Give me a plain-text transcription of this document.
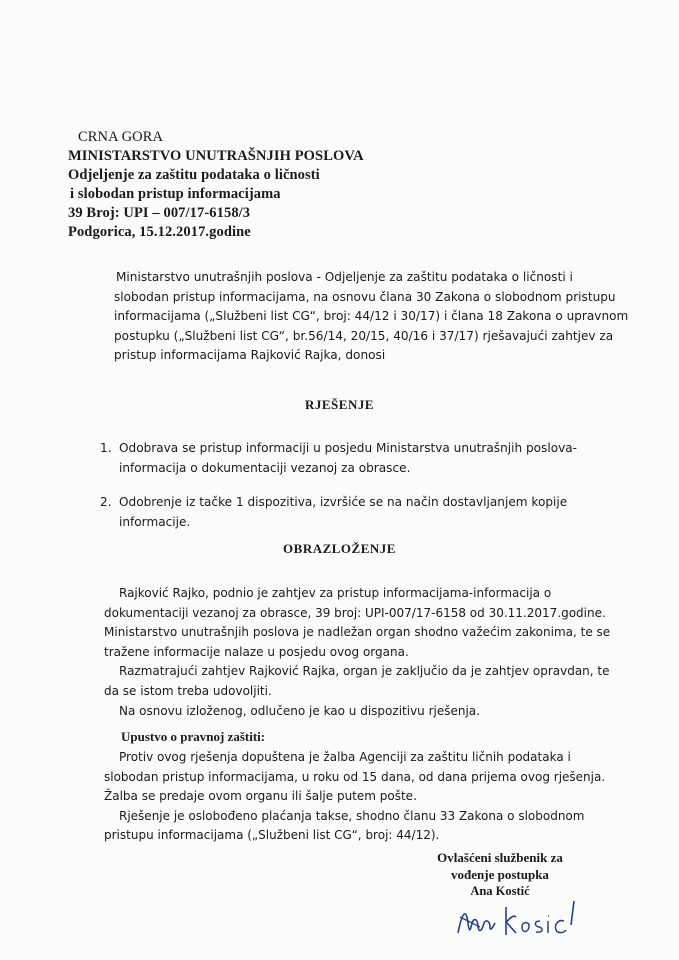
CRNA GORA
MINISTARSTVO UNUTRAŠNJIH POSLOVA
Odjeljenje za zaštitu podataka o ličnosti
i slobodan pristup informacijama
39 Broj: UPI – 007/17-6158/3
Podgorica, 15.12.2017.godine
Ministarstvo unutrašnjih poslova - Odjeljenje za zaštitu podataka o ličnosti i
slobodan pristup informacijama, na osnovu člana 30 Zakona o slobodnom pristupu
informacijama („Službeni list CG“, broj: 44/12 i 30/17) i člana 18 Zakona o upravnom
postupku („Službeni list CG“, br.56/14, 20/15, 40/16 i 37/17) rješavajući zahtjev za
pristup informacijama Rajković Rajka, donosi
RJEŠENJE
1. Odobrava se pristup informaciji u posjedu Ministarstva unutrašnjih poslova-
informacija o dokumentaciji vezanoj za obrasce.
2. Odobrenje iz tačke 1 dispozitiva, izvršiće se na način dostavljanjem kopije
informacije.
OBRAZLOŽENJE

Rajković Rajko, podnio je zahtjev za pristup informacijama-informacija o

dokumentaciji vezanoj za obrasce, 39 broj: UPI-007/17-6158 od 30.11.2017.godine.

Ministarstvo unutrašnjih poslova je nadležan organ shodno važećim zakonima, te se

tražene informacije nalaze u posjedu ovog organa.

Razmatrajući zahtjev Rajković Rajka, organ je zaključio da je zahtjev opravdan, te

da se istom treba udovoljiti.

Na osnovu izloženog, odlučeno je kao u dispozitivu rješenja.

Upustvo o pravnoj zaštiti:

Protiv ovog rješenja dopuštena je žalba Agenciji za zaštitu ličnih podataka i

slobodan pristup informacijama, u roku od 15 dana, od dana prijema ovog rješenja.

Žalba se predaje ovom organu ili šalje putem pošte.

Rješenje je oslobođeno plaćanja takse, shodno članu 33 Zakona o slobodnom

pristupu informacijama („Službeni list CG“, broj: 44/12).

Ovlašćeni službenik za
vođenje postupka
Ana Kostić
